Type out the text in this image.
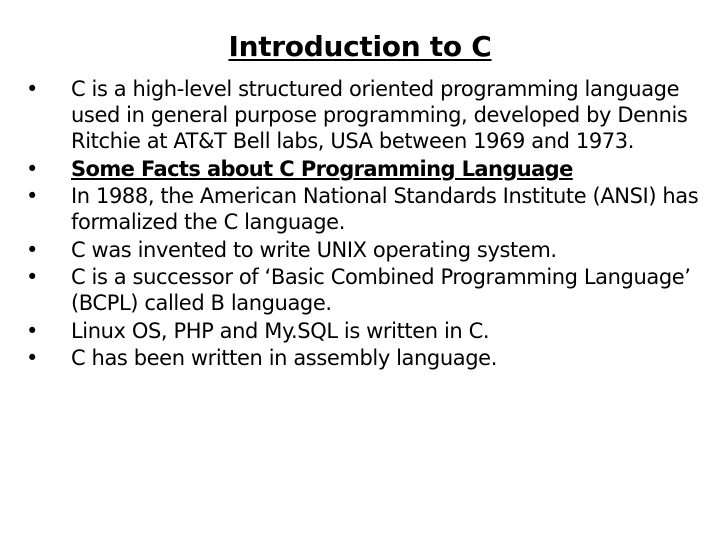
Introduction to C
•	C is a high-level structured oriented programming language used in general purpose programming, developed by Dennis Ritchie at AT&T Bell labs, USA between 1969 and 1973.
•	Some Facts about C Programming Language
•	In 1988, the American National Standards Institute (ANSI) has formalized the C language.
•	C was invented to write UNIX operating system.
•	C is a successor of ‘Basic Combined Programming Language’ (BCPL) called B language.
•	Linux OS, PHP and My.SQL is written in C.
•	C has been written in assembly language.
